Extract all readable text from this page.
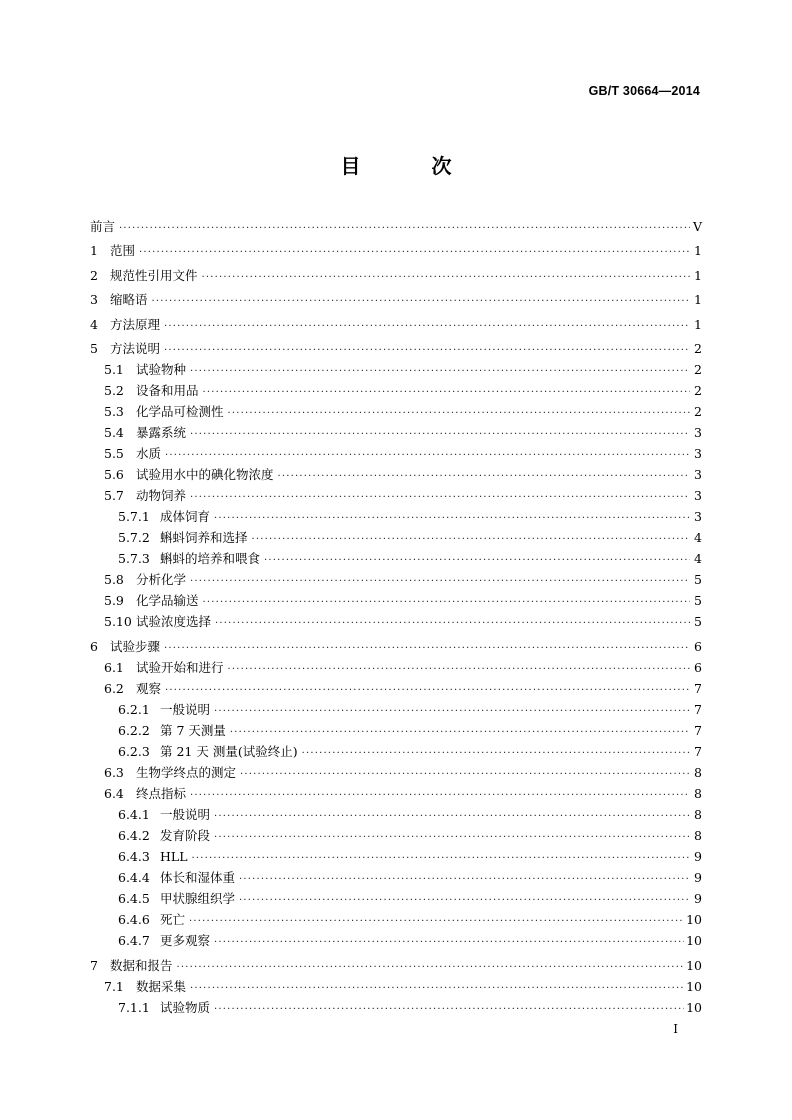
GB/T 30664—2014
目 次
前言 ·····	V
1 范围 ·····	1
2 规范性引用文件 ·····	1
3 缩略语 ·····	1
4 方法原理 ·····	1
5 方法说明 ·····	2
5.1 试验物种 ·····	2
5.2 设备和用品 ·····	2
5.3 化学品可检测性 ·····	2
5.4 暴露系统 ·····	3
5.5 水质 ·····	3
5.6 试验用水中的碘化物浓度 ·····	3
5.7 动物饲养 ·····	3
5.7.1 成体饲育 ·····	3
5.7.2 蝌蚪饲养和选择 ·····	4
5.7.3 蝌蚪的培养和喂食 ·····	4
5.8 分析化学 ·····	5
5.9 化学品输送 ·····	5
5.10 试验浓度选择 ·····	5
6 试验步骤 ·····	6
6.1 试验开始和进行 ·····	6
6.2 观察 ·····	7
6.2.1 一般说明 ·····	7
6.2.2 第 7 天测量 ·····	7
6.2.3 第 21 天 测量(试验终止) ·····	7
6.3 生物学终点的测定 ·····	8
6.4 终点指标 ·····	8
6.4.1 一般说明 ·····	8
6.4.2 发育阶段 ·····	8
6.4.3 HLL ·····	9
6.4.4 体长和湿体重 ·····	9
6.4.5 甲状腺组织学 ·····	9
6.4.6 死亡 ·····	10
6.4.7 更多观察 ·····	10
7 数据和报告 ·····	10
7.1 数据采集 ·····	10
7.1.1 试验物质 ·····	10
I
